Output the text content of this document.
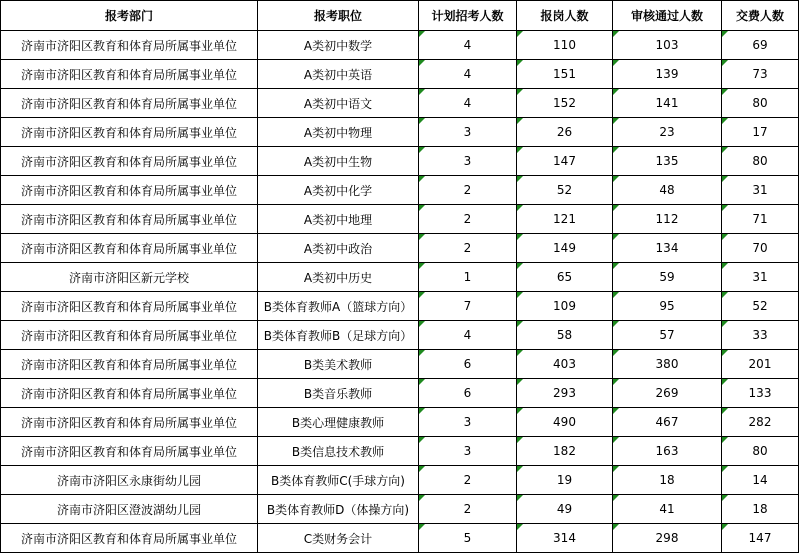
报考部门	报考职位	计划招考人数	报岗人数	审核通过人数	交费人数
济南市济阳区教育和体育局所属事业单位	A类初中数学	4	110	103	69
济南市济阳区教育和体育局所属事业单位	A类初中英语	4	151	139	73
济南市济阳区教育和体育局所属事业单位	A类初中语文	4	152	141	80
济南市济阳区教育和体育局所属事业单位	A类初中物理	3	26	23	17
济南市济阳区教育和体育局所属事业单位	A类初中生物	3	147	135	80
济南市济阳区教育和体育局所属事业单位	A类初中化学	2	52	48	31
济南市济阳区教育和体育局所属事业单位	A类初中地理	2	121	112	71
济南市济阳区教育和体育局所属事业单位	A类初中政治	2	149	134	70
济南市济阳区新元学校	A类初中历史	1	65	59	31
济南市济阳区教育和体育局所属事业单位	B类体育教师A（篮球方向）	7	109	95	52
济南市济阳区教育和体育局所属事业单位	B类体育教师B（足球方向）	4	58	57	33
济南市济阳区教育和体育局所属事业单位	B类美术教师	6	403	380	201
济南市济阳区教育和体育局所属事业单位	B类音乐教师	6	293	269	133
济南市济阳区教育和体育局所属事业单位	B类心理健康教师	3	490	467	282
济南市济阳区教育和体育局所属事业单位	B类信息技术教师	3	182	163	80
济南市济阳区永康街幼儿园	B类体育教师C(手球方向)	2	19	18	14
济南市济阳区澄波湖幼儿园	B类体育教师D（体操方向)	2	49	41	18
济南市济阳区教育和体育局所属事业单位	C类财务会计	5	314	298	147
